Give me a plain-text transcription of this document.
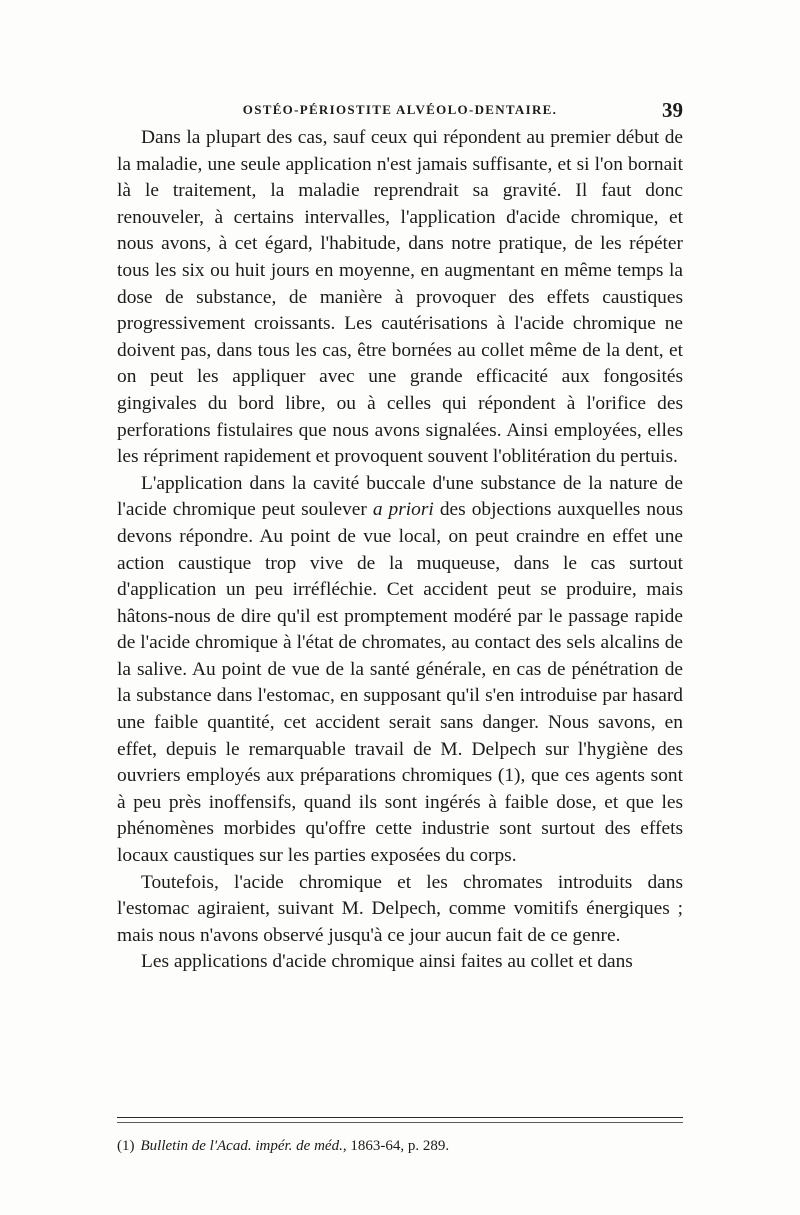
OSTÉO-PÉRIOSTITE ALVÉOLO-DENTAIRE.	39

Dans la plupart des cas, sauf ceux qui répondent au premier début de la maladie, une seule application n'est jamais suffisante, et si l'on bornait là le traitement, la maladie reprendrait sa gravité. Il faut donc renouveler, à certains intervalles, l'application d'acide chromique, et nous avons, à cet égard, l'habitude, dans notre pratique, de les répéter tous les six ou huit jours en moyenne, en augmentant en même temps la dose de substance, de manière à provoquer des effets caustiques progressivement croissants. Les cautérisations à l'acide chromique ne doivent pas, dans tous les cas, être bornées au collet même de la dent, et on peut les appliquer avec une grande efficacité aux fongosités gingivales du bord libre, ou à celles qui répondent à l'orifice des perforations fistulaires que nous avons signalées. Ainsi employées, elles les répriment rapidement et provoquent souvent l'oblitération du pertuis.

L'application dans la cavité buccale d'une substance de la nature de l'acide chromique peut soulever a priori des objections auxquelles nous devons répondre. Au point de vue local, on peut craindre en effet une action caustique trop vive de la muqueuse, dans le cas surtout d'application un peu irréfléchie. Cet accident peut se produire, mais hâtons-nous de dire qu'il est promptement modéré par le passage rapide de l'acide chromique à l'état de chromates, au contact des sels alcalins de la salive. Au point de vue de la santé générale, en cas de pénétration de la substance dans l'estomac, en supposant qu'il s'en introduise par hasard une faible quantité, cet accident serait sans danger. Nous savons, en effet, depuis le remarquable travail de M. Delpech sur l'hygiène des ouvriers employés aux préparations chromiques (1), que ces agents sont à peu près inoffensifs, quand ils sont ingérés à faible dose, et que les phénomènes morbides qu'offre cette industrie sont surtout des effets locaux caustiques sur les parties exposées du corps.

Toutefois, l'acide chromique et les chromates introduits dans l'estomac agiraient, suivant M. Delpech, comme vomitifs énergiques ; mais nous n'avons observé jusqu'à ce jour aucun fait de ce genre.

Les applications d'acide chromique ainsi faites au collet et dans

(1) Bulletin de l'Acad. impér. de méd., 1863-64, p. 289.
